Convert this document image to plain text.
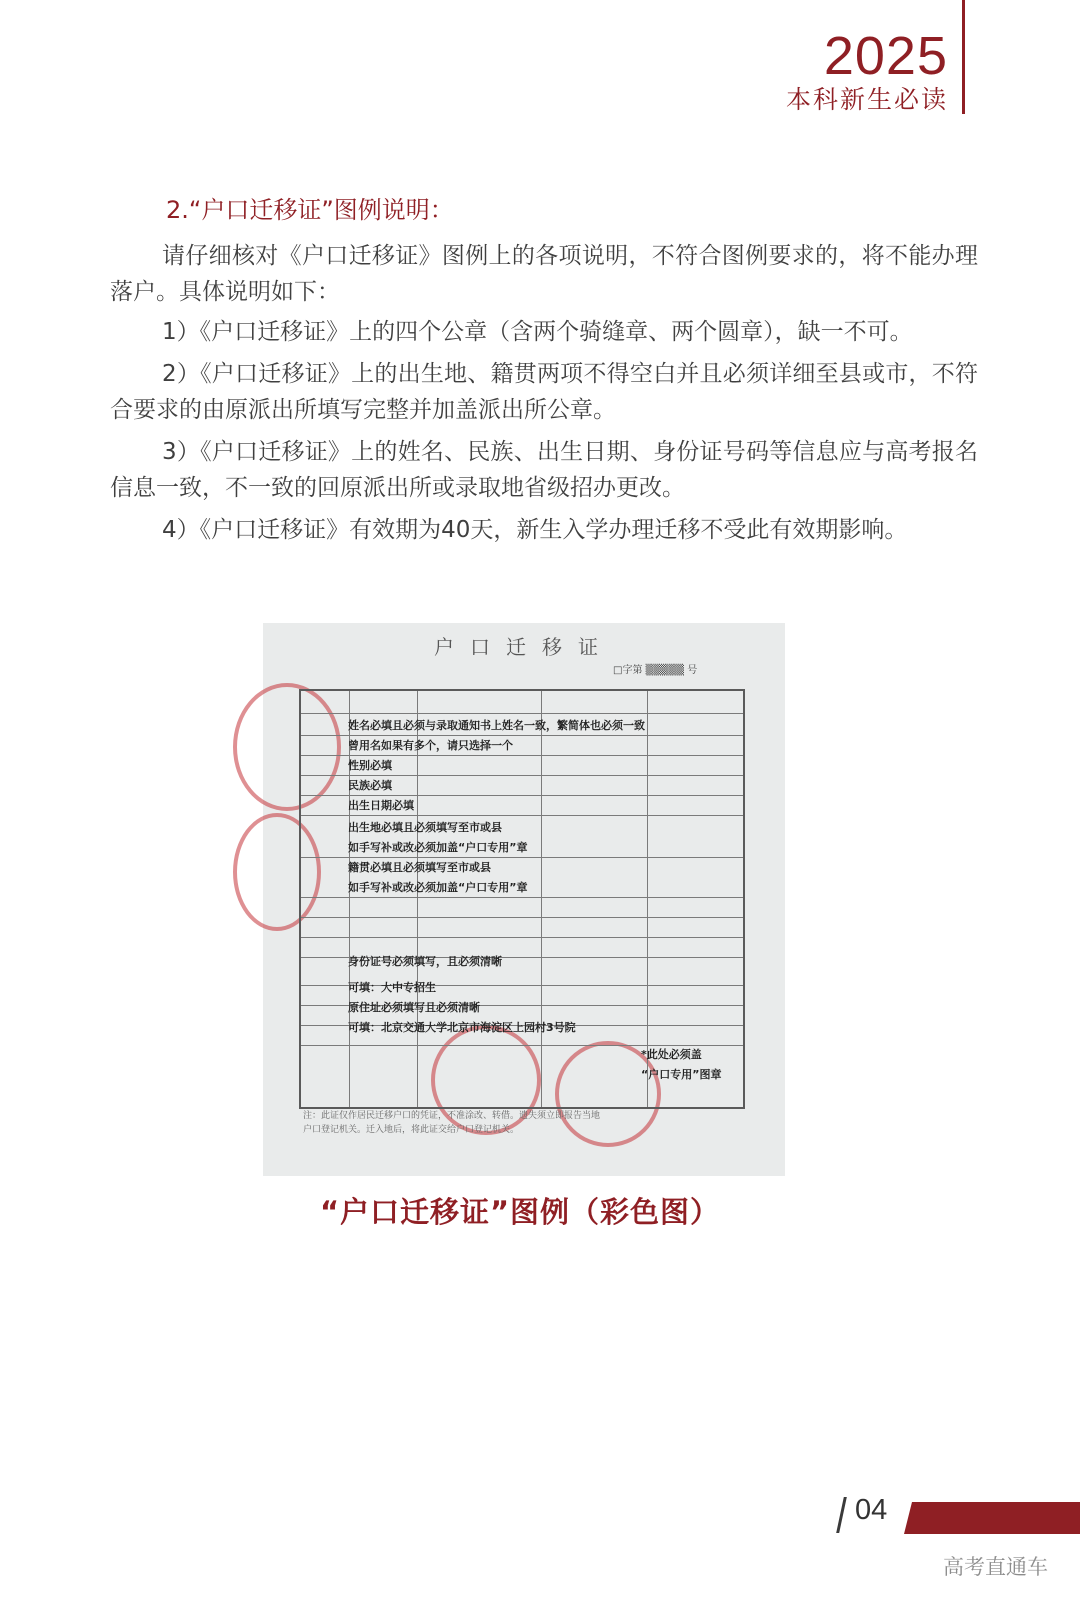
2025
本科新生必读
2.“户口迁移证”图例说明：

请仔细核对《户口迁移证》图例上的各项说明，不符合图例要求的，将不能办理落户。具体说明如下：

1）《户口迁移证》上的四个公章（含两个骑缝章、两个圆章），缺一不可。

2）《户口迁移证》上的出生地、籍贯两项不得空白并且必须详细至县或市，不符合要求的由原派出所填写完整并加盖派出所公章。

3）《户口迁移证》上的姓名、民族、出生日期、身份证号码等信息应与高考报名信息一致，不一致的回原派出所或录取地省级招办更改。

4）《户口迁移证》有效期为40天，新生入学办理迁移不受此有效期影响。

户口迁移证
□字第 ▒▒▒▒▒ 号
姓名必填且必须与录取通知书上姓名一致，繁简体也必须一致
曾用名如果有多个，请只选择一个
性别必填
民族必填
出生日期必填
出生地必填且必须填写至市或县
如手写补或改必须加盖“户口专用”章
籍贯必填且必须填写至市或县
如手写补或改必须加盖“户口专用”章
身份证号必须填写，且必须清晰
可填：大中专招生
原住址必须填写且必须清晰
可填：北京交通大学北京市海淀区上园村3号院
*此处必须盖
“户口专用”图章
注：此证仅作居民迁移户口的凭证，不准涂改、转借。遗失须立即报告当地户口登记机关。迁入地后，将此证交给户口登记机关。
“户口迁移证”图例（彩色图）
04
高考直通车
